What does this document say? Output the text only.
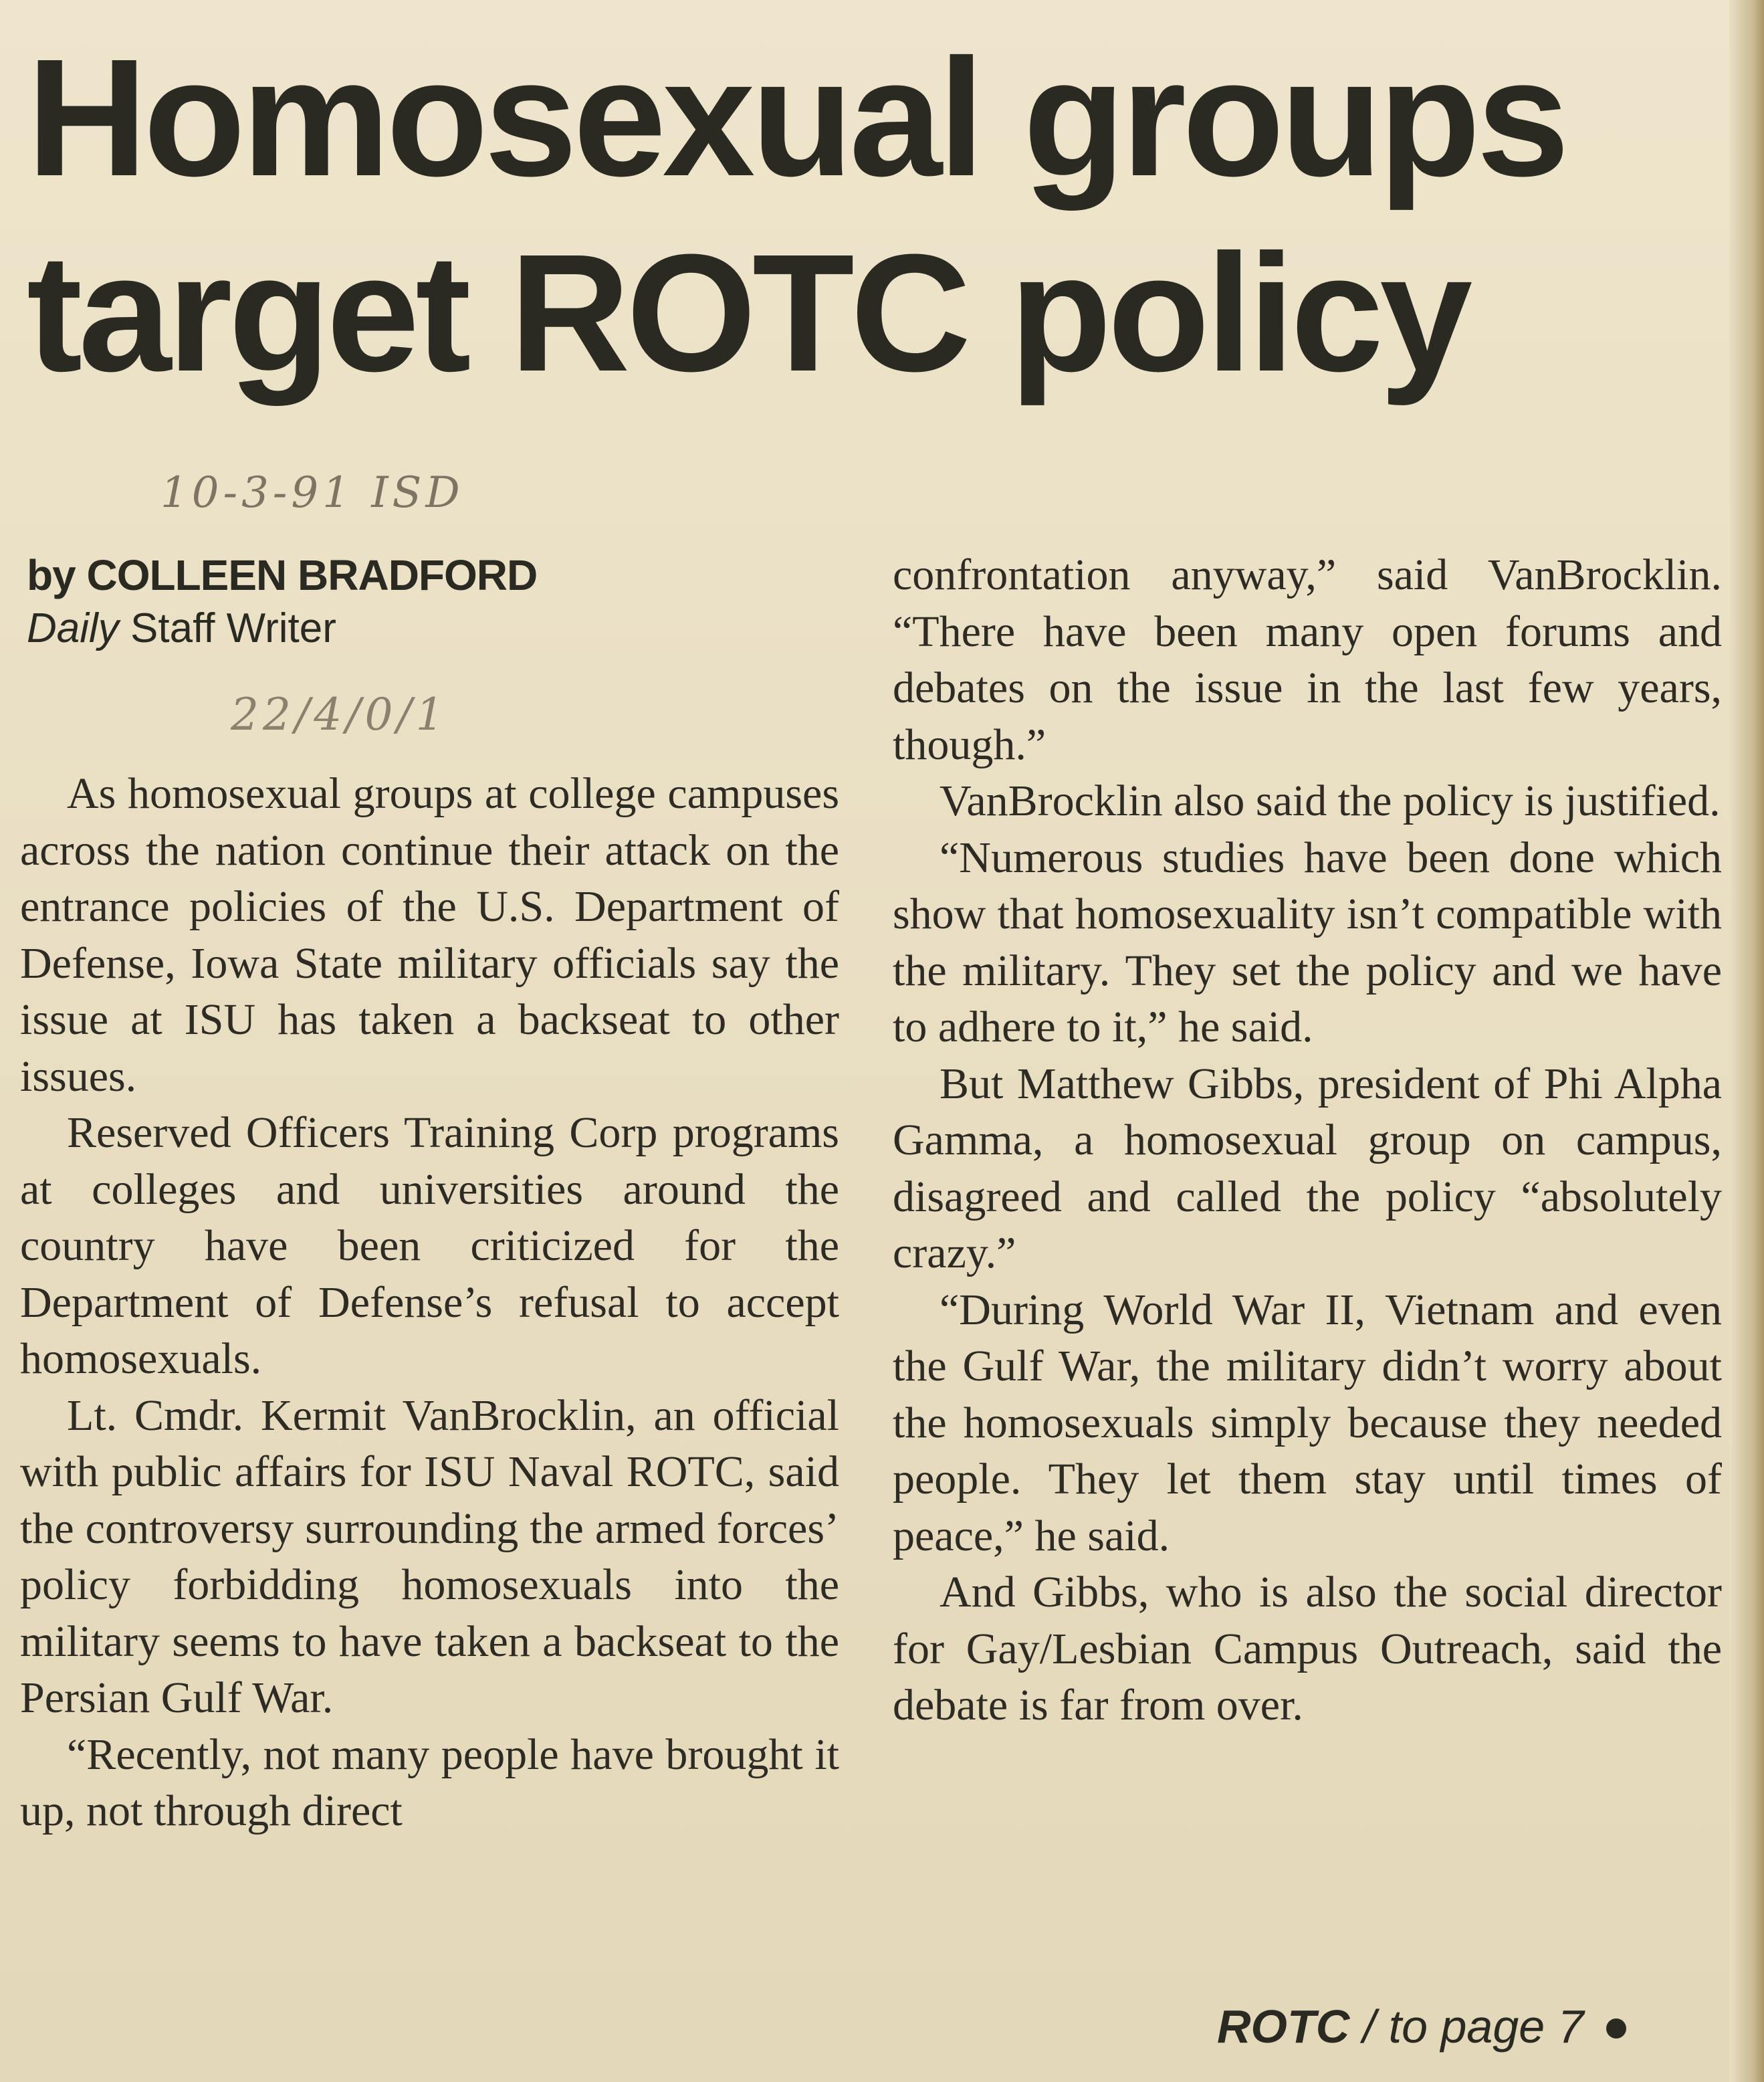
Homosexual groups
target ROTC policy
10-3-91 ISD
22/4/0/1
by COLLEEN BRADFORD
Daily Staff Writer

As homosexual groups at college campuses across the nation continue their attack on the entrance policies of the U.S. Department of Defense, Iowa State military officials say the issue at ISU has taken a backseat to other issues.

Reserved Officers Training Corp programs at colleges and universities around the country have been criticized for the Department of Defense’s refusal to accept homosexuals.

Lt. Cmdr. Kermit VanBrocklin, an official with public affairs for ISU Naval ROTC, said the controversy surrounding the armed forces’ policy forbidding homosexuals into the military seems to have taken a backseat to the Persian Gulf War.

“Recently, not many people have brought it up, not through direct

confrontation anyway,” said VanBrocklin. “There have been many open forums and debates on the issue in the last few years, though.”

VanBrocklin also said the policy is justified.

“Numerous studies have been done which show that homosexuality isn’t compatible with the military. They set the policy and we have to adhere to it,” he said.

But Matthew Gibbs, president of Phi Alpha Gamma, a homosexual group on campus, disagreed and called the policy “absolutely crazy.”

“During World War II, Vietnam and even the Gulf War, the military didn’t worry about the homosexuals simply because they needed people. They let them stay until times of peace,” he said.

And Gibbs, who is also the social director for Gay/Lesbian Campus Outreach, said the debate is far from over.

ROTC / to page 7
